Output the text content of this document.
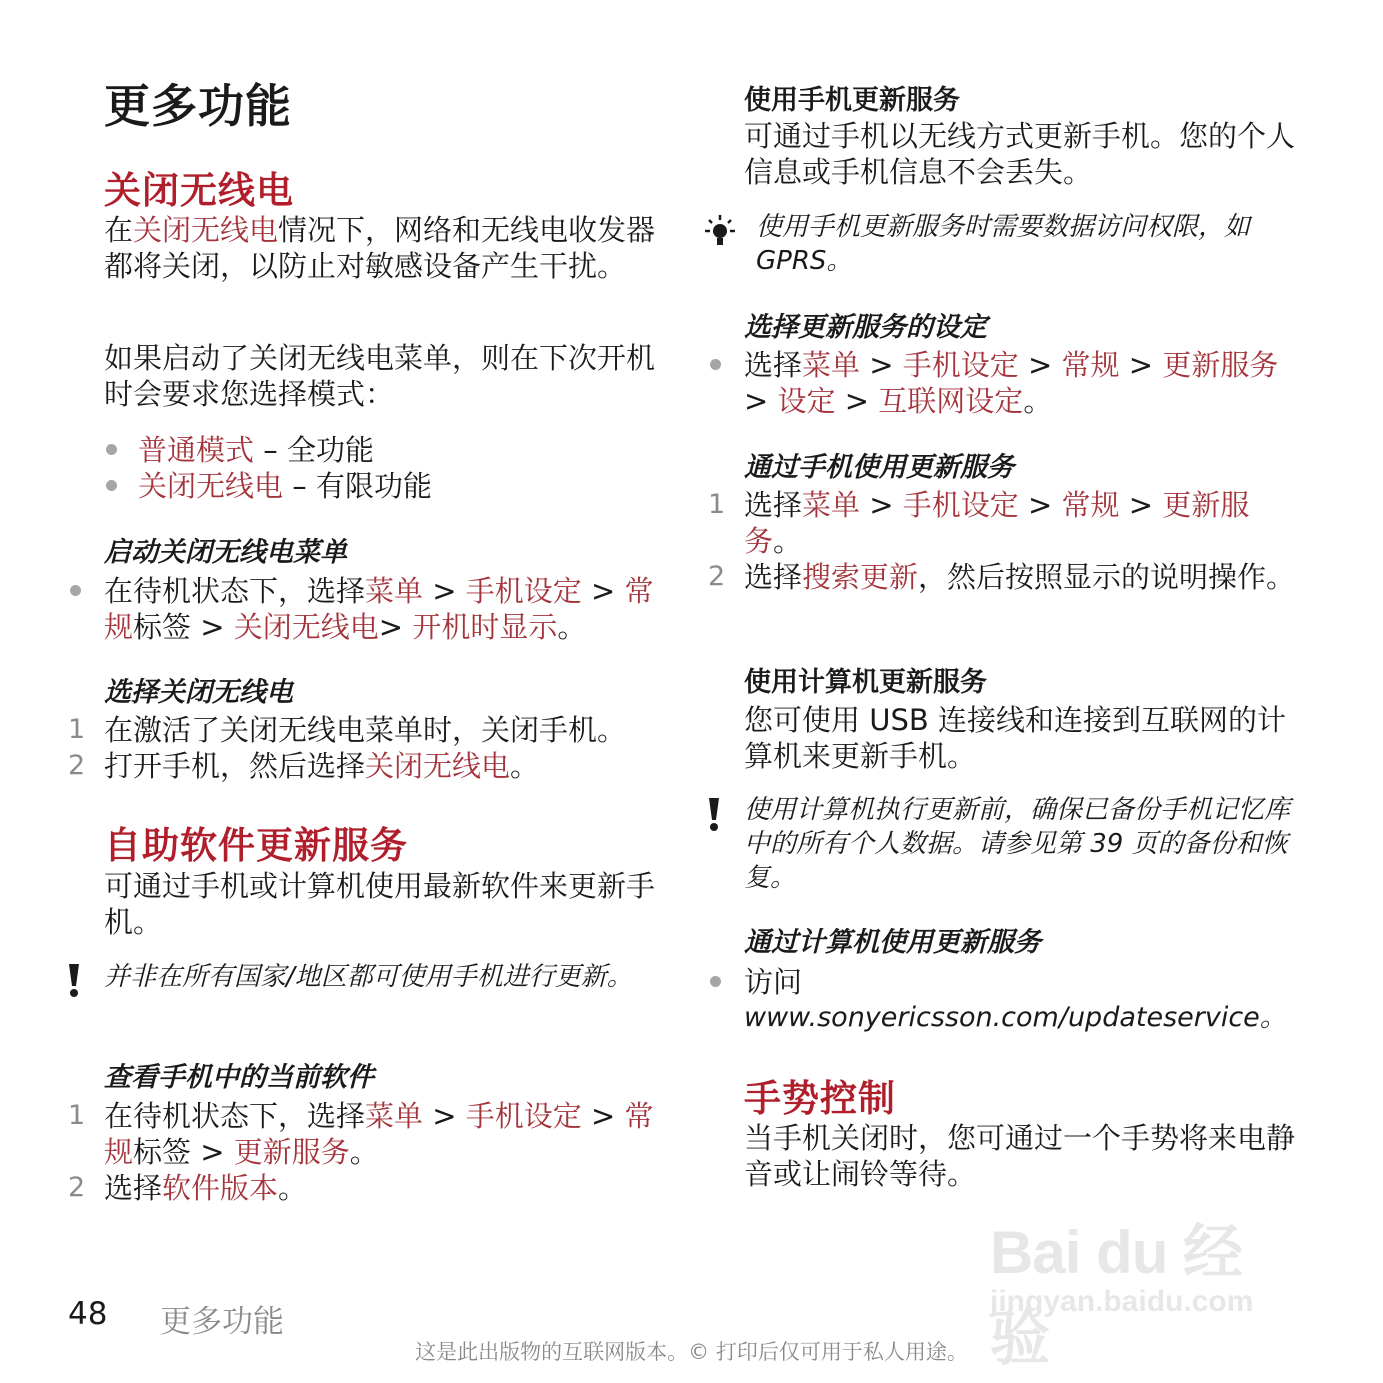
更多功能
关闭无线电

在关闭无线电情况下，网络和无线电收发器都将关闭，以防止对敏感设备产生干扰。

如果启动了关闭无线电菜单，则在下次开机时会要求您选择模式：

普通模式 – 全功能
关闭无线电 – 有限功能
启动关闭无线电菜单
在待机状态下，选择菜单 > 手机设定 > 常规标签 > 关闭无线电> 开机时显示。
选择关闭无线电
1 在激活了关闭无线电菜单时，关闭手机。
2 打开手机，然后选择关闭无线电。
自助软件更新服务

可通过手机或计算机使用最新软件来更新手机。

并非在所有国家/地区都可使用手机进行更新。

查看手机中的当前软件
1 在待机状态下，选择菜单 > 手机设定 > 常规标签 > 更新服务。
2 选择软件版本。
使用手机更新服务

可通过手机以无线方式更新手机。您的个人信息或手机信息不会丢失。

使用手机更新服务时需要数据访问权限，如 GPRS。

选择更新服务的设定
选择菜单 > 手机设定 > 常规 > 更新服务 > 设定 > 互联网设定。
通过手机使用更新服务
1 选择菜单 > 手机设定 > 常规 > 更新服务。
2 选择搜索更新，然后按照显示的说明操作。
使用计算机更新服务

您可使用 USB 连接线和连接到互联网的计算机来更新手机。

使用计算机执行更新前，确保已备份手机记忆库中的所有个人数据。请参见第 39 页的备份和恢复。

通过计算机使用更新服务
访问
www.sonyericsson.com/updateservice。
手势控制

当手机关闭时，您可通过一个手势将来电静音或让闹铃等待。

Bai du 经验
jingyan.baidu.com
48 更多功能
这是此出版物的互联网版本。© 打印后仅可用于私人用途。
